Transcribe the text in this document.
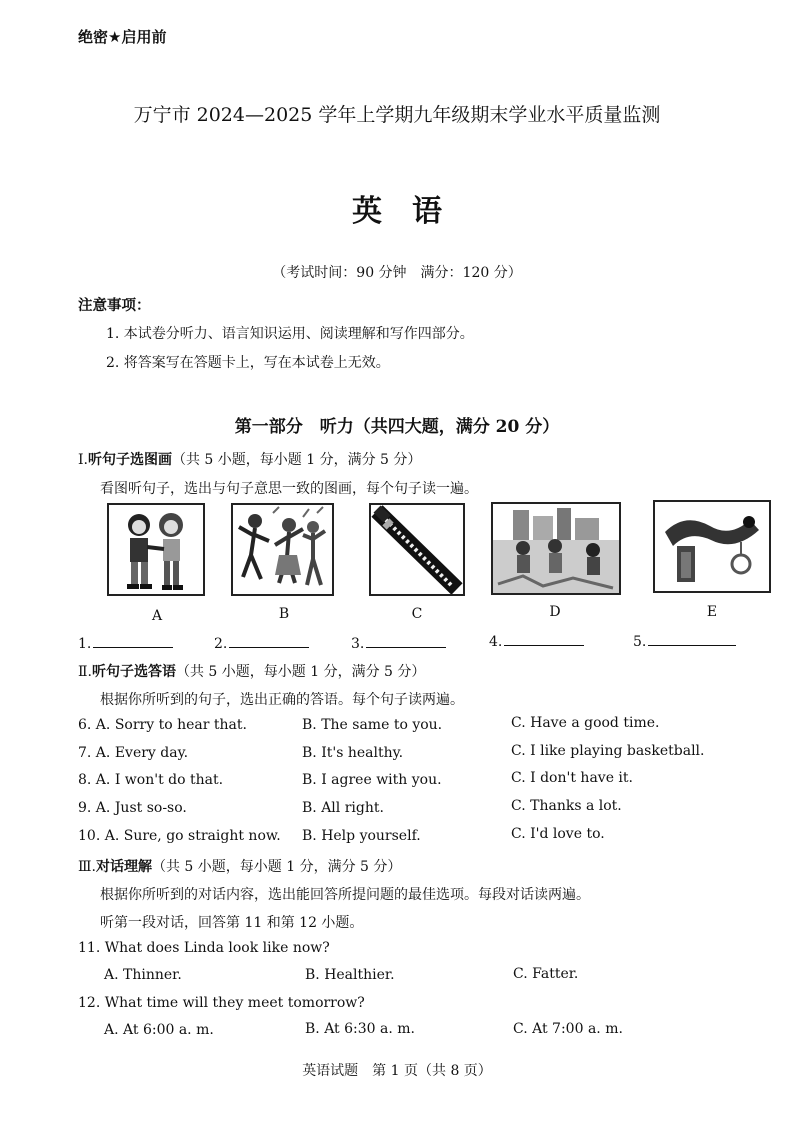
绝密★启用前
万宁市 2024—2025 学年上学期九年级期末学业水平质量监测
英语
（考试时间：90 分钟　满分：120 分）
注意事项：
1. 本试卷分听力、语言知识运用、阅读理解和写作四部分。
2. 将答案写在答题卡上，写在本试卷上无效。
第一部分　听力（共四大题，满分 20 分）
Ⅰ.听句子选图画（共 5 小题，每小题 1 分，满分 5 分）
看图听句子，选出与句子意思一致的图画，每个句子读一遍。
A	B	C	D	E
1.	2.	3.	4.	5.
Ⅱ.听句子选答语（共 5 小题，每小题 1 分，满分 5 分）
根据你所听到的句子，选出正确的答语。每个句子读两遍。
6. A. Sorry to hear that.	B. The same to you.	C. Have a good time.
7. A. Every day.	B. It's healthy.	C. I like playing basketball.
8. A. I won't do that.	B. I agree with you.	C. I don't have it.
9. A. Just so-so.	B. All right.	C. Thanks a lot.
10. A. Sure, go straight now. B. Help yourself.	C. I'd love to.
Ⅲ.对话理解（共 5 小题，每小题 1 分，满分 5 分）
根据你所听到的对话内容，选出能回答所提问题的最佳选项。每段对话读两遍。
听第一段对话，回答第 11 和第 12 小题。
11. What does Linda look like now?
A. Thinner.	B. Healthier.	C. Fatter.
12. What time will they meet tomorrow?
A. At 6:00 a. m.	B. At 6:30 a. m.	C. At 7:00 a. m.
英语试题　第 1 页（共 8 页）
